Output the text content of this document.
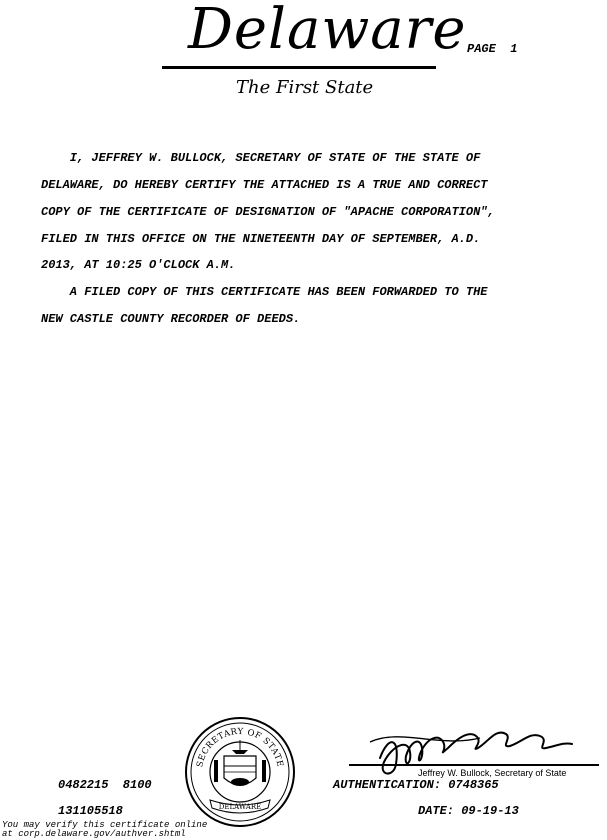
Delaware
The First State
PAGE  1
I, JEFFREY W. BULLOCK, SECRETARY OF STATE OF THE STATE OF
DELAWARE, DO HEREBY CERTIFY THE ATTACHED IS A TRUE AND CORRECT
COPY OF THE CERTIFICATE OF DESIGNATION OF "APACHE CORPORATION",
FILED IN THIS OFFICE ON THE NINETEENTH DAY OF SEPTEMBER, A.D.
2013, AT 10:25 O'CLOCK A.M.
A FILED COPY OF THIS CERTIFICATE HAS BEEN FORWARDED TO THE
NEW CASTLE COUNTY RECORDER OF DEEDS.
SECRETARY OF STATE
DELAWARE
Jeffrey W. Bullock, Secretary of State
0482215  8100	AUTHENTICATION: 0748365
131105518	DATE: 09-19-13
You may verify this certificate online
at corp.delaware.gov/authver.shtml
